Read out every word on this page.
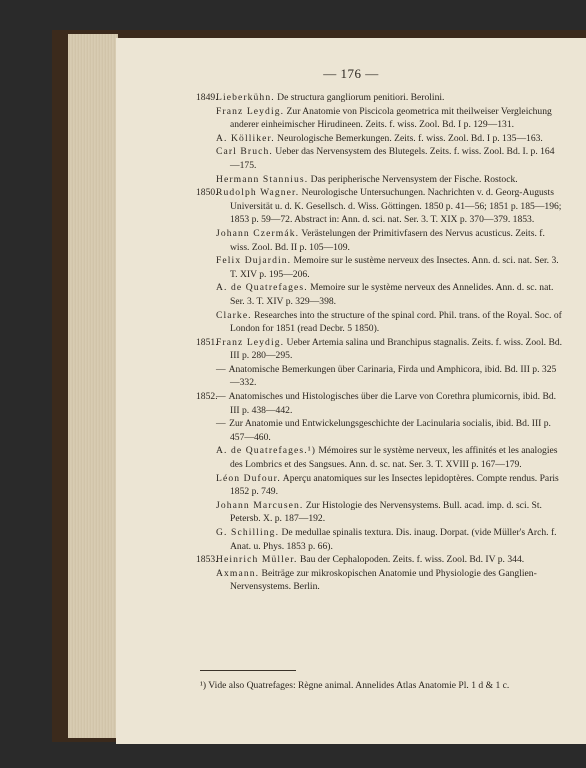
— 176 —

1849.
Lieberkühn. De structura gangliorum penitiori. Berolini.

Franz Leydig. Zur Anatomie von Piscicola geometrica mit theilweiser Vergleichung anderer einheimischer Hirudineen. Zeits. f. wiss. Zool. Bd. I p. 129—131.

A. Kölliker. Neurologische Bemerkungen. Zeits. f. wiss. Zool. Bd. I p. 135—163.

Carl Bruch. Ueber das Nervensystem des Blutegels. Zeits. f. wiss. Zool. Bd. I. p. 164—175.

Hermann Stannius. Das peripherische Nervensystem der Fische. Rostock.

1850.
Rudolph Wagner. Neurologische Untersuchungen. Nachrichten v. d. Georg-Augusts Universität u. d. K. Gesellsch. d. Wiss. Göttingen. 1850 p. 41—56; 1851 p. 185—196; 1853 p. 59—72. Abstract in: Ann. d. sci. nat. Ser. 3. T. XIX p. 370—379. 1853.

Johann Czermák. Verästelungen der Primitivfasern des Nervus acusticus. Zeits. f. wiss. Zool. Bd. II p. 105—109.

Felix Dujardin. Memoire sur le sustème nerveux des Insectes. Ann. d. sci. nat. Ser. 3. T. XIV p. 195—206.

A. de Quatrefages. Memoire sur le système nerveux des Annelides. Ann. d. sc. nat. Ser. 3. T. XIV p. 329—398.

Clarke. Researches into the structure of the spinal cord. Phil. trans. of the Royal. Soc. of London for 1851 (read Decbr. 5 1850).

1851.
Franz Leydig. Ueber Artemia salina und Branchipus stagnalis. Zeits. f. wiss. Zool. Bd. III p. 280—295.

— Anatomische Bemerkungen über Carinaria, Firda und Amphicora, ibid. Bd. III p. 325—332.

1852.
— Anatomisches und Histologisches über die Larve von Corethra plumicornis, ibid. Bd. III p. 438—442.

— Zur Anatomie und Entwickelungsgeschichte der Lacinularia socialis, ibid. Bd. III p. 457—460.

A. de Quatrefages.¹) Mémoires sur le système nerveux, les affinités et les analogies des Lombrics et des Sangsues. Ann. d. sc. nat. Ser. 3. T. XVIII p. 167—179.

Léon Dufour. Aperçu anatomiques sur les Insectes lepidoptères. Compte rendus. Paris 1852 p. 749.

Johann Marcusen. Zur Histologie des Nervensystems. Bull. acad. imp. d. sci. St. Petersb. X. p. 187—192.

G. Schilling. De medullae spinalis textura. Dis. inaug. Dorpat. (vide Müller's Arch. f. Anat. u. Phys. 1853 p. 66).

1853.
Heinrich Müller. Bau der Cephalopoden. Zeits. f. wiss. Zool. Bd. IV p. 344.

Axmann. Beiträge zur mikroskopischen Anatomie und Physiologie des Ganglien-Nervensystems. Berlin.

¹) Vide also Quatrefages: Règne animal. Annelides Atlas Anatomie Pl. 1 d & 1 c.
